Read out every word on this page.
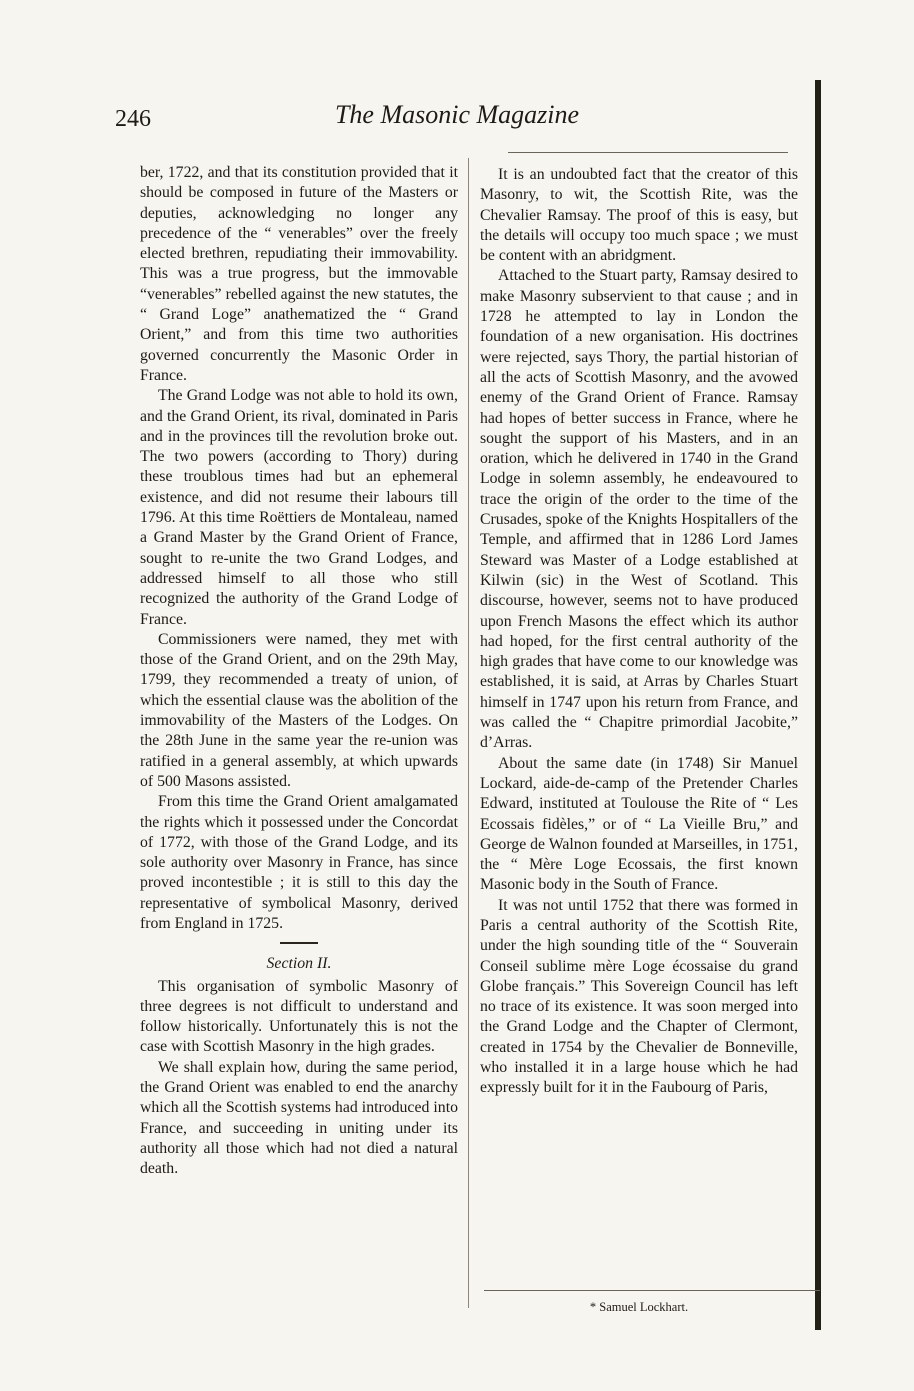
246	The Masonic Magazine

ber, 1722, and that its constitution provided that it should be composed in future of the Masters or deputies, acknowledging no longer any precedence of the “ venerables” over the freely elected brethren, repudiating their immovability. This was a true progress, but the immovable “venerables” rebelled against the new statutes, the “ Grand Loge” anathematized the “ Grand Orient,” and from this time two authorities governed concurrently the Masonic Order in France.

The Grand Lodge was not able to hold its own, and the Grand Orient, its rival, dominated in Paris and in the provinces till the revolution broke out. The two powers (according to Thory) during these troublous times had but an ephemeral existence, and did not resume their labours till 1796. At this time Roëttiers de Montaleau, named a Grand Master by the Grand Orient of France, sought to re-unite the two Grand Lodges, and addressed himself to all those who still recognized the authority of the Grand Lodge of France.

Commissioners were named, they met with those of the Grand Orient, and on the 29th May, 1799, they recommended a treaty of union, of which the essential clause was the abolition of the immovability of the Masters of the Lodges. On the 28th June in the same year the re-union was ratified in a general assembly, at which upwards of 500 Masons assisted.

From this time the Grand Orient amalgamated the rights which it possessed under the Concordat of 1772, with those of the Grand Lodge, and its sole authority over Masonry in France, has since proved incontestible ; it is still to this day the representative of symbolical Masonry, derived from England in 1725.

Section II.

This organisation of symbolic Masonry of three degrees is not difficult to understand and follow historically. Unfortunately this is not the case with Scottish Masonry in the high grades.

We shall explain how, during the same period, the Grand Orient was enabled to end the anarchy which all the Scottish systems had introduced into France, and succeeding in uniting under its authority all those which had not died a natural death.

It is an undoubted fact that the creator of this Masonry, to wit, the Scottish Rite, was the Chevalier Ramsay. The proof of this is easy, but the details will occupy too much space ; we must be content with an abridgment.

Attached to the Stuart party, Ramsay desired to make Masonry subservient to that cause ; and in 1728 he attempted to lay in London the foundation of a new organisation. His doctrines were rejected, says Thory, the partial historian of all the acts of Scottish Masonry, and the avowed enemy of the Grand Orient of France. Ramsay had hopes of better success in France, where he sought the support of his Masters, and in an oration, which he delivered in 1740 in the Grand Lodge in solemn assembly, he endeavoured to trace the origin of the order to the time of the Crusades, spoke of the Knights Hospitallers of the Temple, and affirmed that in 1286 Lord James Steward was Master of a Lodge established at Kilwin (sic) in the West of Scotland. This discourse, however, seems not to have produced upon French Masons the effect which its author had hoped, for the first central authority of the high grades that have come to our knowledge was established, it is said, at Arras by Charles Stuart himself in 1747 upon his return from France, and was called the “ Chapitre primordial Jacobite,” d’Arras.

About the same date (in 1748) Sir Manuel Lockard, aide-de-camp of the Pretender Charles Edward, instituted at Toulouse the Rite of “ Les Ecossais fidèles,” or of “ La Vieille Bru,” and George de Walnon founded at Marseilles, in 1751, the “ Mère Loge Ecossais, the first known Masonic body in the South of France.

It was not until 1752 that there was formed in Paris a central authority of the Scottish Rite, under the high sounding title of the “ Souverain Conseil sublime mère Loge écossaise du grand Globe français.” This Sovereign Council has left no trace of its existence. It was soon merged into the Grand Lodge and the Chapter of Clermont, created in 1754 by the Chevalier de Bonneville, who installed it in a large house which he had expressly built for it in the Faubourg of Paris,

* Samuel Lockhart.
